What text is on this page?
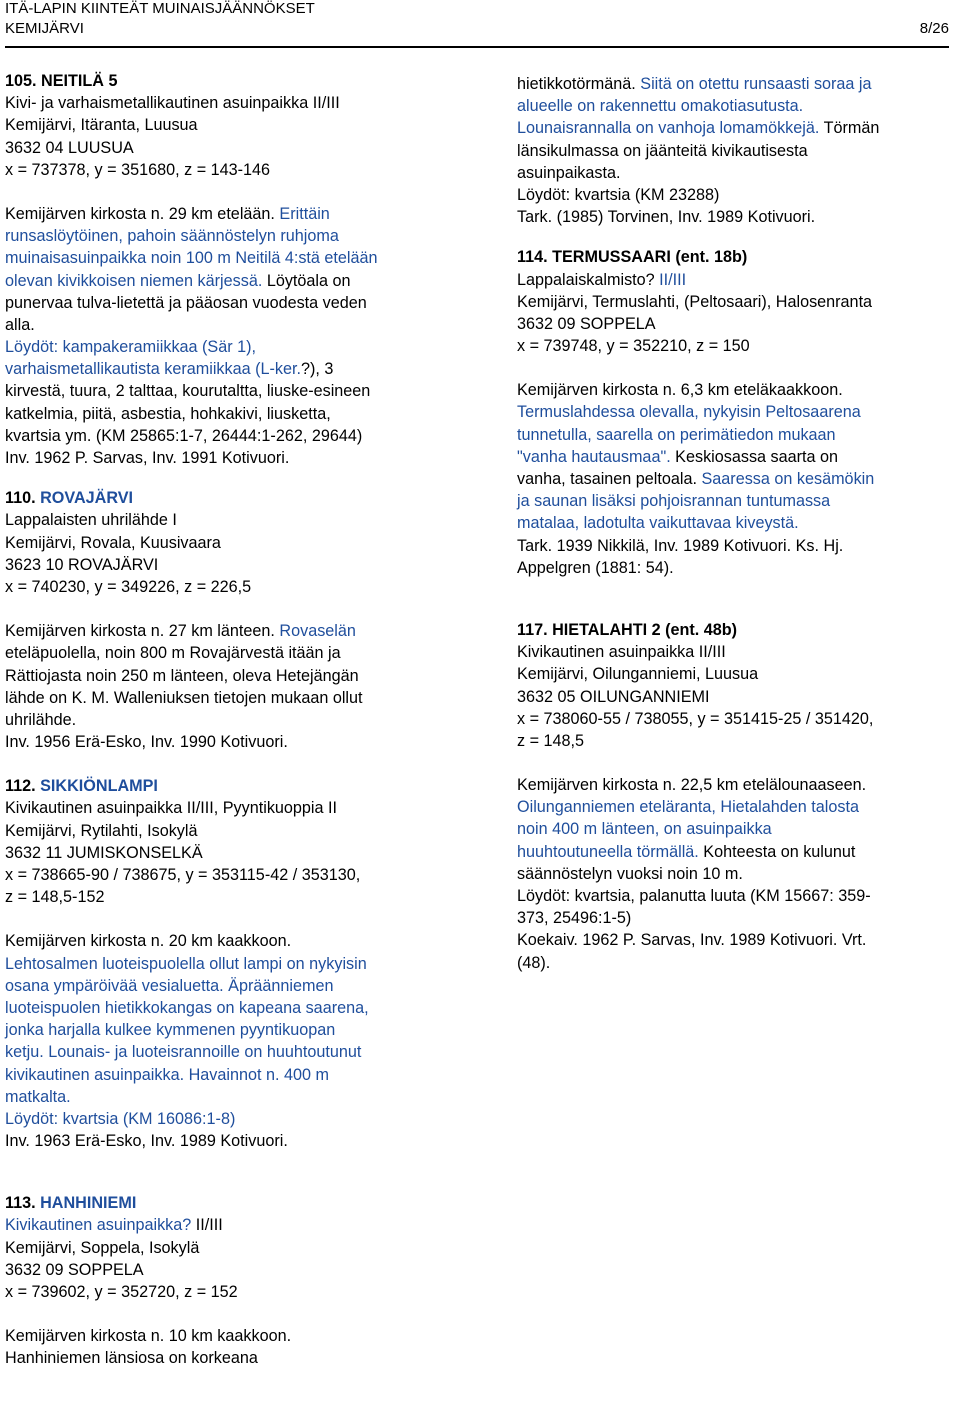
ITÄ-LAPIN KIINTEÄT MUINAISJÄÄNNÖKSET
KEMIJÄRVI	8/26
105. NEITILÄ 5
Kivi- ja varhaismetallikautinen asuinpaikka II/III
Kemijärvi, Itäranta, Luusua
3632 04 LUUSUA
x = 737378, y = 351680, z = 143-146
Kemijärven kirkosta n. 29 km etelään. Erittäin
runsaslöytöinen, pahoin säännöstelyn ruhjoma
muinaisasuinpaikka noin 100 m Neitilä 4:stä etelään
olevan kivikkoisen niemen kärjessä. Löytöala on
punervaa tulva-lietettä ja pääosan vuodesta veden
alla.
Löydöt: kampakeramiikkaa (Sär 1),
varhaismetallikautista keramiikkaa (L-ker.?), 3
kirvestä, tuura, 2 talttaa, kourutaltta, liuske-esineen
katkelmia, piitä, asbestia, hohkakivi, liusketta,
kvartsia ym. (KM 25865:1-7, 26444:1-262, 29644)
Inv. 1962 P. Sarvas, Inv. 1991 Kotivuori.
110. ROVAJÄRVI
Lappalaisten uhrilähde I
Kemijärvi, Rovala, Kuusivaara
3623 10 ROVAJÄRVI
x = 740230, y = 349226, z = 226,5
Kemijärven kirkosta n. 27 km länteen. Rovaselän
eteläpuolella, noin 800 m Rovajärvestä itään ja
Rättiojasta noin 250 m länteen, oleva Hetejängän
lähde on K. M. Walleniuksen tietojen mukaan ollut
uhrilähde.
Inv. 1956 Erä-Esko, Inv. 1990 Kotivuori.
112. SIKKIÖNLAMPI
Kivikautinen asuinpaikka II/III, Pyyntikuoppia II
Kemijärvi, Rytilahti, Isokylä
3632 11 JUMISKONSELKÄ
x = 738665-90 / 738675, y = 353115-42 / 353130,
z = 148,5-152
Kemijärven kirkosta n. 20 km kaakkoon.
Lehtosalmen luoteispuolella ollut lampi on nykyisin
osana ympäröivää vesialuetta. Äpräänniemen
luoteispuolen hietikkokangas on kapeana saarena,
jonka harjalla kulkee kymmenen pyyntikuopan
ketju. Lounais- ja luoteisrannoille on huuhtoutunut
kivikautinen asuinpaikka. Havainnot n. 400 m
matkalta.
Löydöt: kvartsia (KM 16086:1-8)
Inv. 1963 Erä-Esko, Inv. 1989 Kotivuori.
113. HANHINIEMI
Kivikautinen asuinpaikka? II/III
Kemijärvi, Soppela, Isokylä
3632 09 SOPPELA
x = 739602, y = 352720, z = 152
Kemijärven kirkosta n. 10 km kaakkoon.
Hanhiniemen länsiosa on korkeana
hietikkotörmänä. Siitä on otettu runsaasti soraa ja
alueelle on rakennettu omakotiasutusta.
Lounaisrannalla on vanhoja lomamökkejä. Törmän
länsikulmassa on jäänteitä kivikautisesta
asuinpaikasta.
Löydöt: kvartsia (KM 23288)
Tark. (1985) Torvinen, Inv. 1989 Kotivuori.
114. TERMUSSAARI (ent. 18b)
Lappalaiskalmisto? II/III
Kemijärvi, Termuslahti, (Peltosaari), Halosenranta
3632 09 SOPPELA
x = 739748, y = 352210, z = 150
Kemijärven kirkosta n. 6,3 km eteläkaakkoon.
Termuslahdessa olevalla, nykyisin Peltosaarena
tunnetulla, saarella on perimätiedon mukaan
"vanha hautausmaa". Keskiosassa saarta on
vanha, tasainen peltoala. Saaressa on kesämökin
ja saunan lisäksi pohjoisrannan tuntumassa
matalaa, ladotulta vaikuttavaa kiveystä.
Tark. 1939 Nikkilä, Inv. 1989 Kotivuori. Ks. Hj.
Appelgren (1881: 54).
117. HIETALAHTI 2 (ent. 48b)
Kivikautinen asuinpaikka II/III
Kemijärvi, Oilunganniemi, Luusua
3632 05 OILUNGANNIEMI
x = 738060-55 / 738055, y = 351415-25 / 351420,
z = 148,5
Kemijärven kirkosta n. 22,5 km etelälounaaseen.
Oilunganniemen eteläranta, Hietalahden talosta
noin 400 m länteen, on asuinpaikka
huuhtoutuneella törmällä. Kohteesta on kulunut
säännöstelyn vuoksi noin 10 m.
Löydöt: kvartsia, palanutta luuta (KM 15667: 359-
373, 25496:1-5)
Koekaiv. 1962 P. Sarvas, Inv. 1989 Kotivuori. Vrt.
(48).
